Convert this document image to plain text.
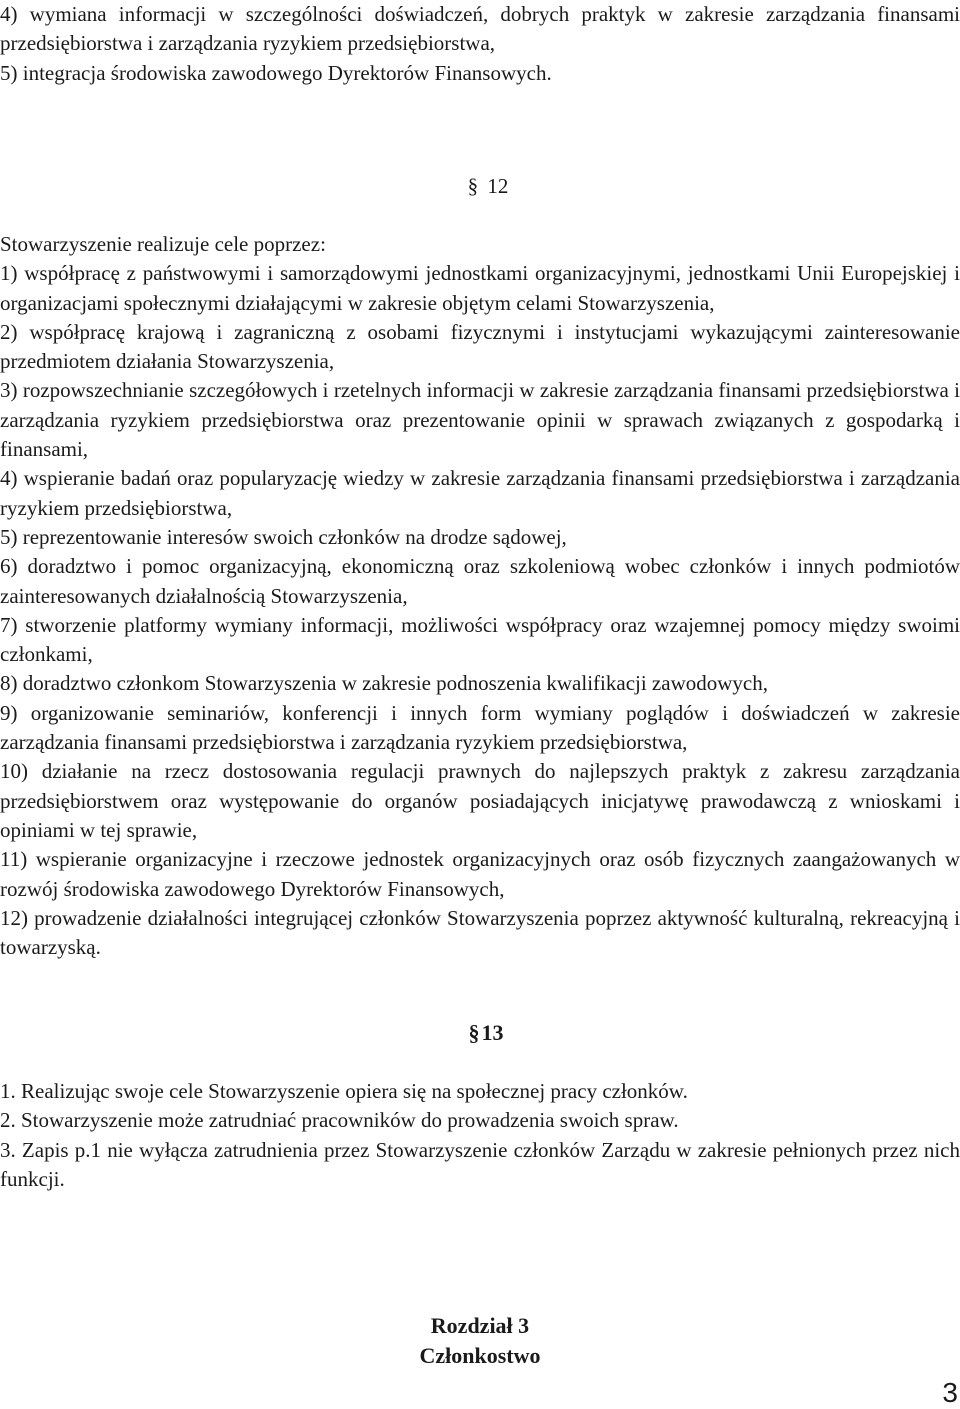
4) wymiana informacji w szczególności doświadczeń, dobrych praktyk w zakresie zarządzania finansami przedsiębiorstwa i zarządzania ryzykiem przedsiębiorstwa,

5) integracja środowiska zawodowego Dyrektorów Finansowych.

§ 12

Stowarzyszenie realizuje cele poprzez:

1) współpracę z państwowymi i samorządowymi jednostkami organizacyjnymi, jednostkami Unii Europejskiej i organizacjami społecznymi działającymi w zakresie objętym celami Stowarzyszenia,

2) współpracę krajową i zagraniczną z osobami fizycznymi i instytucjami wykazującymi zainteresowanie przedmiotem działania Stowarzyszenia,

3) rozpowszechnianie szczegółowych i rzetelnych informacji w zakresie zarządzania finansami przedsiębiorstwa i zarządzania ryzykiem przedsiębiorstwa oraz prezentowanie opinii w sprawach związanych z gospodarką i finansami,

4) wspieranie badań oraz popularyzację wiedzy w zakresie zarządzania finansami przedsiębiorstwa i zarządzania ryzykiem przedsiębiorstwa,

5) reprezentowanie interesów swoich członków na drodze sądowej,

6) doradztwo i pomoc organizacyjną, ekonomiczną oraz szkoleniową wobec członków i innych podmiotów zainteresowanych działalnością Stowarzyszenia,

7) stworzenie platformy wymiany informacji, możliwości współpracy oraz wzajemnej pomocy między swoimi członkami,

8) doradztwo członkom Stowarzyszenia w zakresie podnoszenia kwalifikacji zawodowych,

9) organizowanie seminariów, konferencji i innych form wymiany poglądów i doświadczeń w zakresie zarządzania finansami przedsiębiorstwa i zarządzania ryzykiem przedsiębiorstwa,

10) działanie na rzecz dostosowania regulacji prawnych do najlepszych praktyk z zakresu zarządzania przedsiębiorstwem oraz występowanie do organów posiadających inicjatywę prawodawczą z wnioskami i opiniami w tej sprawie,

11) wspieranie organizacyjne i rzeczowe jednostek organizacyjnych oraz osób fizycznych zaangażowanych w rozwój środowiska zawodowego Dyrektorów Finansowych,

12) prowadzenie działalności integrującej członków Stowarzyszenia poprzez aktywność kulturalną, rekreacyjną i towarzyską.

§13

1. Realizując swoje cele Stowarzyszenie opiera się na społecznej pracy członków.

2. Stowarzyszenie może zatrudniać pracowników do prowadzenia swoich spraw.

3. Zapis p.1 nie wyłącza zatrudnienia przez Stowarzyszenie członków Zarządu w zakresie pełnionych przez nich funkcji.

Rozdział 3
Członkostwo
3
